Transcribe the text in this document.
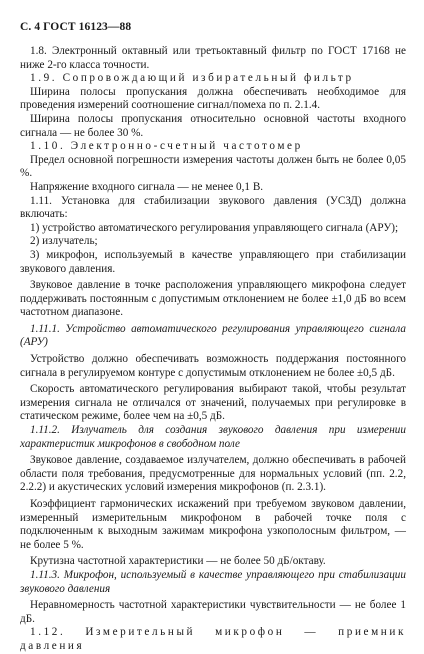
С. 4 ГОСТ 16123—88

1.8. Электронный октавный или третьоктавный фильтр по ГОСТ 17168 не ниже 2-го класса точности.

1.9. Сопровождающий избирательный фильтр

Ширина полосы пропускания должна обеспечивать необходимое для проведения измерений соотношение сигнал/помеха по п. 2.1.4.

Ширина полосы пропускания относительно основной частоты входного сигнала — не более 30 %.

1.10. Электронно-счетный частотомер

Предел основной погрешности измерения частоты должен быть не более 0,05 %.

Напряжение входного сигнала — не менее 0,1 В.

1.11. Установка для стабилизации звукового давления (УСЗД) должна включать:

1) устройство автоматического регулирования управляющего сигнала (АРУ);

2) излучатель;

3) микрофон, используемый в качестве управляющего при стабилизации звукового давления.

Звуковое давление в точке расположения управляющего микрофона следует поддерживать постоянным с допустимым отклонением не более ±1,0 дБ во всем частотном диапазоне.

1.11.1. Устройство автоматического регулирования управляющего сигнала (АРУ)

Устройство должно обеспечивать возможность поддержания постоянного сигнала в регулируемом контуре с допустимым отклонением не более ±0,5 дБ.

Скорость автоматического регулирования выбирают такой, чтобы результат измерения сигнала не отличался от значений, получаемых при регулировке в статическом режиме, более чем на ±0,5 дБ.

1.11.2. Излучатель для создания звукового давления при измерении характеристик микрофонов в свободном поле

Звуковое давление, создаваемое излучателем, должно обеспечивать в рабочей области поля требования, предусмотренные для нормальных условий (пп. 2.2, 2.2.2) и акустических условий измерения микрофонов (п. 2.3.1).

Коэффициент гармонических искажений при требуемом звуковом давлении, измеренный измерительным микрофоном в рабочей точке поля с подключенным к выходным зажимам микрофона узкополосным фильтром, — не более 5 %.

Крутизна частотной характеристики — не более 50 дБ/октаву.

1.11.3. Микрофон, используемый в качестве управляющего при стабилизации звукового давления

Неравномерность частотной характеристики чувствительности — не более 1 дБ.

1.12. Измерительный микрофон — приемник давления
